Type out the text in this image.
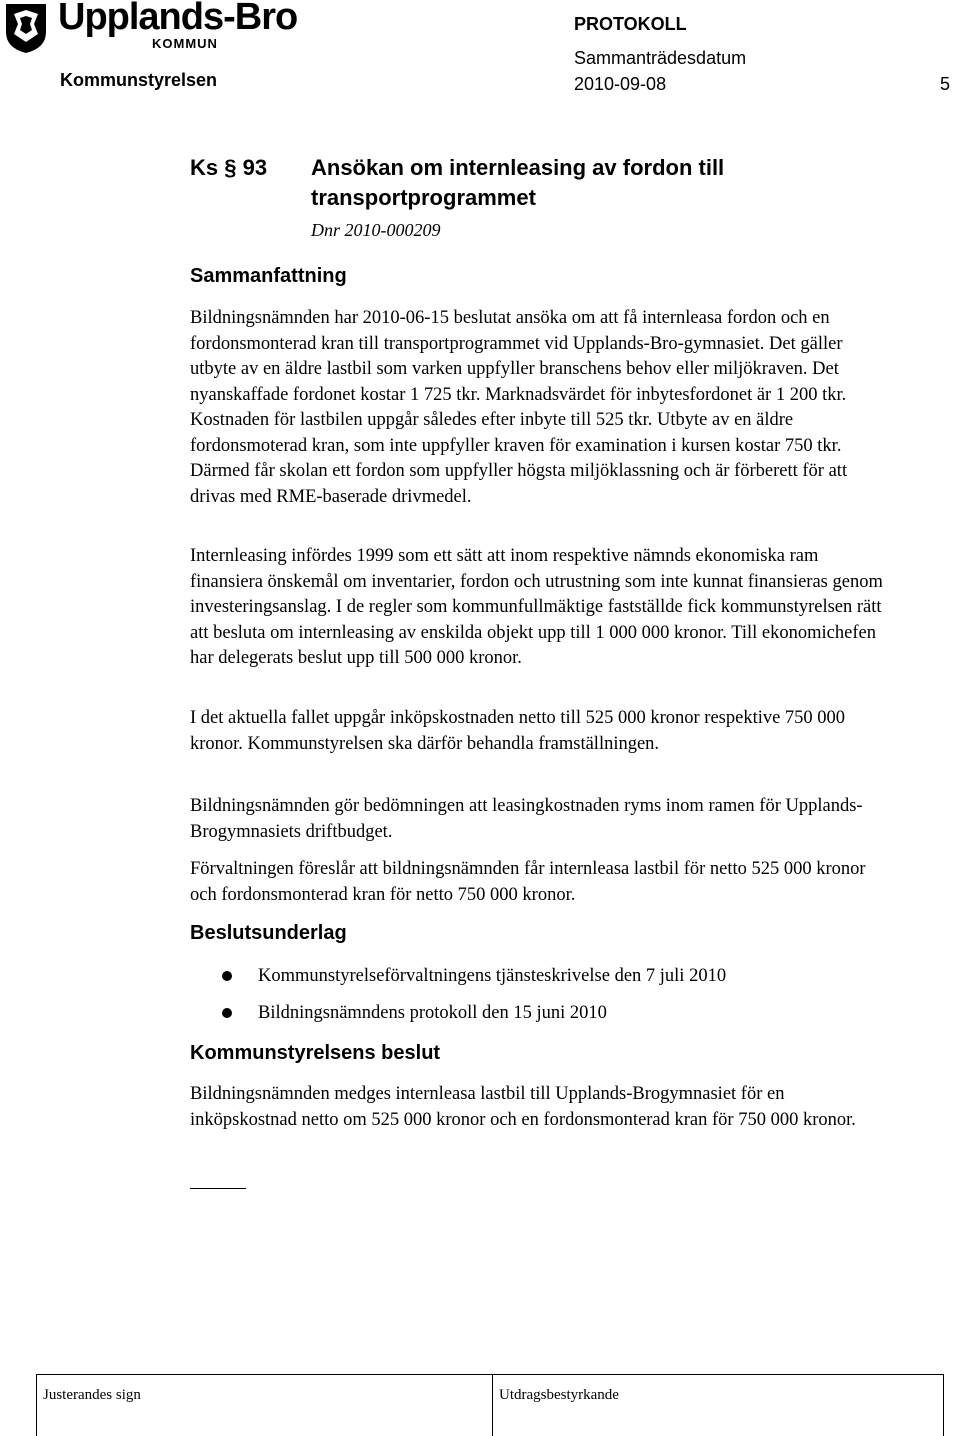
Upplands-Bro
KOMMUN
Kommunstyrelsen
PROTOKOLL
Sammanträdesdatum
2010-09-08	5
Ks § 93 Ansökan om internleasing av fordon till transportprogrammet
Dnr 2010-000209
Sammanfattning

Bildningsnämnden har 2010-06-15 beslutat ansöka om att få internleasa fordon och en fordonsmonterad kran till transportprogrammet vid Upplands-Bro-gymnasiet. Det gäller utbyte av en äldre lastbil som varken uppfyller branschens behov eller miljökraven. Det nyanskaffade fordonet kostar 1 725 tkr. Marknadsvärdet för inbytesfordonet är 1 200 tkr. Kostnaden för lastbilen uppgår således efter inbyte till 525 tkr. Utbyte av en äldre fordonsmoterad kran, som inte uppfyller kraven för examination i kursen kostar 750 tkr. Därmed får skolan ett fordon som uppfyller högsta miljöklassning och är förberett för att drivas med RME-baserade drivmedel.

Internleasing infördes 1999 som ett sätt att inom respektive nämnds ekonomiska ram finansiera önskemål om inventarier, fordon och utrustning som inte kunnat finansieras genom investeringsanslag. I de regler som kommunfullmäktige fastställde fick kommunstyrelsen rätt att besluta om internleasing av enskilda objekt upp till 1 000 000 kronor. Till ekonomichefen har delegerats beslut upp till 500 000 kronor.

I det aktuella fallet uppgår inköpskostnaden netto till 525 000 kronor respektive 750 000 kronor. Kommunstyrelsen ska därför behandla framställningen.

Bildningsnämnden gör bedömningen att leasingkostnaden ryms inom ramen för Upplands-Brogymnasiets driftbudget.

Förvaltningen föreslår att bildningsnämnden får internleasa lastbil för netto 525 000 kronor och fordonsmonterad kran för netto 750 000 kronor.

Beslutsunderlag
Kommunstyrelseförvaltningens tjänsteskrivelse den 7 juli 2010
Bildningsnämndens protokoll den 15 juni 2010
Kommunstyrelsens beslut

Bildningsnämnden medges internleasa lastbil till Upplands-Brogymnasiet för en inköpskostnad netto om 525 000 kronor och en fordonsmonterad kran för 750 000 kronor.

Justerandes sign	Utdragsbestyrkande
